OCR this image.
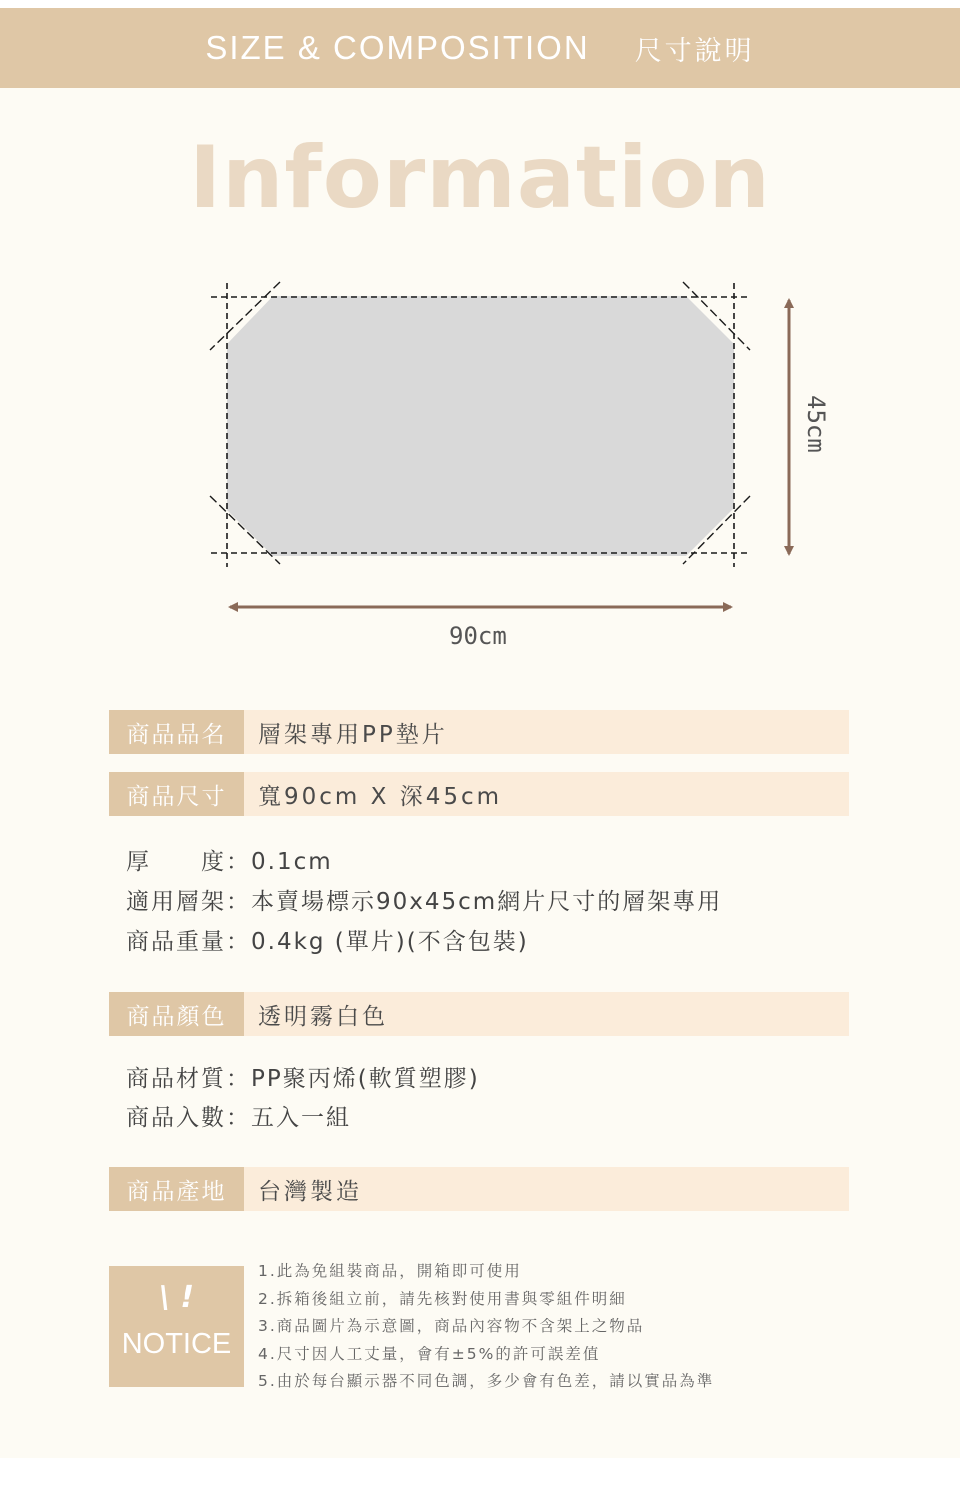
SIZE & COMPOSITION 尺寸說明
Information
90cm
45cm
商品品名	層架專用PP墊片
商品尺寸	寬90cm X 深45cm
厚　　度：0.1cm
適用層架：本賣場標示90x45cm網片尺寸的層架專用
商品重量：0.4kg (單片)(不含包裝)
商品顏色	透明霧白色
商品材質：PP聚丙烯(軟質塑膠)
商品入數：五入一組
商品產地	台灣製造
\ !
NOTICE
1.此為免組裝商品，開箱即可使用
2.拆箱後組立前，請先核對使用書與零組件明細
3.商品圖片為示意圖，商品內容物不含架上之物品
4.尺寸因人工丈量，會有±5%的許可誤差值
5.由於每台顯示器不同色調，多少會有色差，請以實品為準
